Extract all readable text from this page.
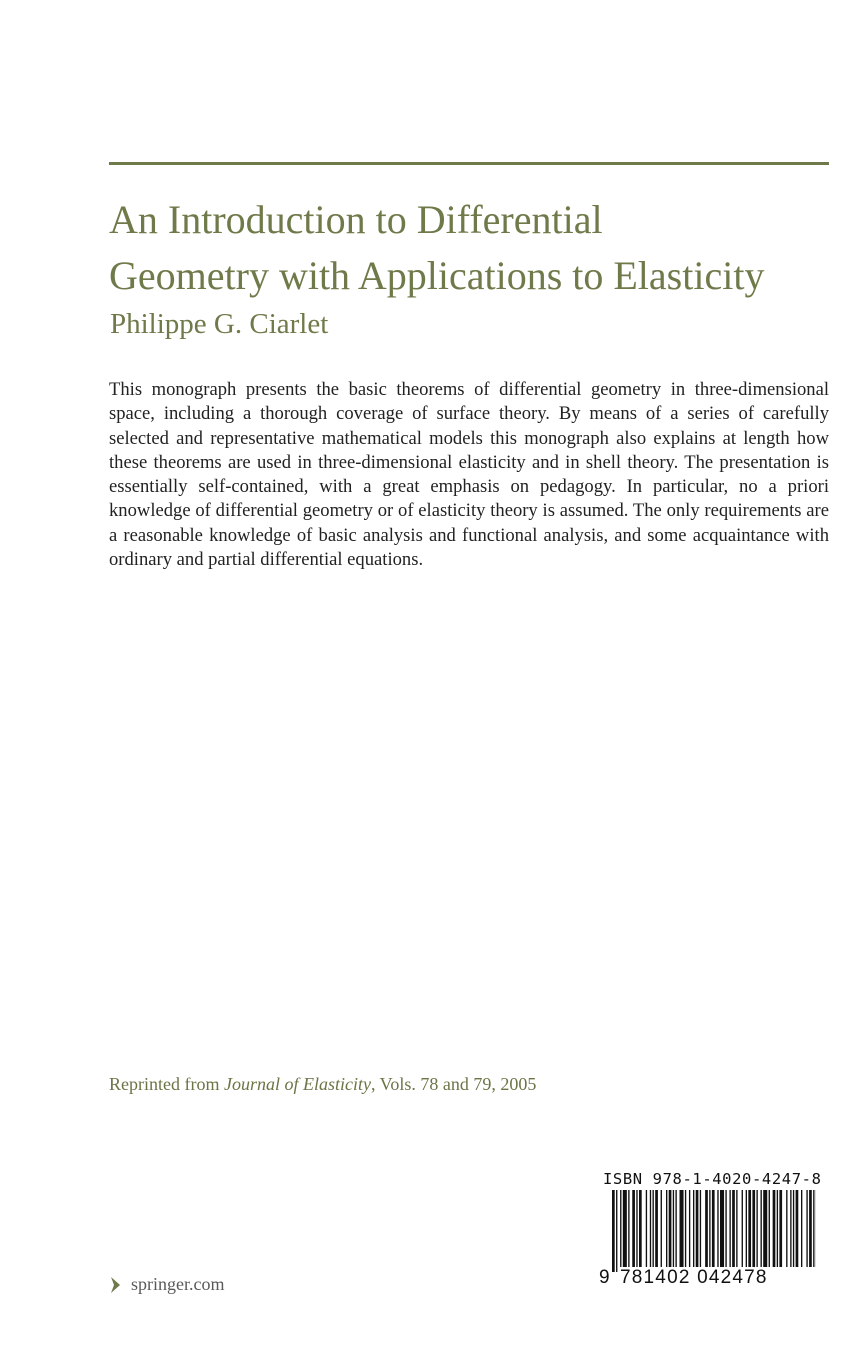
An Introduction to Differential
Geometry with Applications to Elasticity

Philippe G. Ciarlet

This monograph presents the basic theorems of differential geometry in three-dimensional space, including a thorough coverage of surface theory. By means of a series of carefully selected and representative mathematical models this monograph also explains at length how these theorems are used in three-dimensional elasticity and in shell theory. The presentation is essentially self-contained, with a great emphasis on pedagogy. In particular, no a priori knowledge of differential geometry or of elasticity theory is assumed. The only requirements are a reasonable knowledge of basic analysis and functional analysis, and some acquaintance with ordinary and partial differential equations.

Reprinted from Journal of Elasticity, Vols. 78 and 79, 2005

ISBN 978-1-4020-4247-8
9 781402 042478
springer.com
